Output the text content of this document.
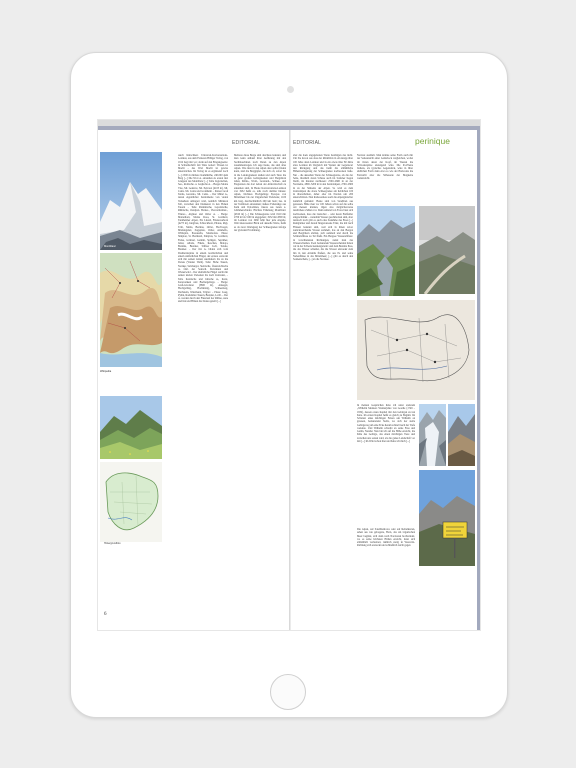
EDITORIAL
Montblanc
Wikipedia
Hintergrundfoto
Auch Kürschners Universal-Konversations-Lexikon, aus dem Ferneren Hilliger Verlag, von 1912 liegt mir vor; darin auf den Eingangsseite: in Schreibschrift mit Tinte notiert: Wissen ist Macht – das Wort Macht ist gewiss unterstrichen. Im Verlag ist es ergänzend noch [...] 2500 m mittlere Kammhöhe, 240.000 qkm Berg [...] Die Wort A. entstehen zu ersten mal Gruppen des Montblanc [...] Teile Ligurischen, See-, Rottische- u. Grajische A. – Berges Monte Viso, Mt. Genèvre, Mt. Pelvoux (4103 m), Mt. Cenis. Mt. Cenis und Großheim – Penser Groß Tenda, Gevenno, Mt. Cenis. – Der Mittel A., denen eigentlicher Zentralkette von vielen Verkehren umlagert wird, nemlich Mittleren Teil, zwischen den Dreikeren in den Hohen Tauern – Teile Penninische, Lepontische, Rhätische, Ostalpen. Berner-, Vierwaldstätter-, Thurer-, Algäuer und Ortler A. – Berge: Matterhorn, Monte Rosa, St. Gotthard, Tannheimer Alpen, Piz Linard, Finsteraarhorn (4275 m), Jungfrau, Schreckhorn, Pilatus, Rigi, Tödi, Säntis, Bernina, Ortler, Hochvogel, Mädelegabel, Zugspitze, Ortler, Adamello, Wildspitz, Presanella, Marmolata. Pässe: Simplon, St. Bernhard, Simplon, St. Gotthard, Furka, Grimsel, Gemmi, Splügen, Septimer, Julier, Albula, Flüela, Reschen, Maloja, Bernina, Brenner, Stilfser Joch, Tonale, Brenner. – Der Ost A. bilden sich vom Dreiherrnspitze in einem nordöstlichen und einem südöstlichen Flügel, der erstere erstreckt sich mit seinen letzten Ausläufern bis an die Donau (Wiener Wald). Teile: Hohe Tauern, Noriker, Salzburger, Steirische, Österreichische A. Östl. der Salzach. Dolomiten und Wienerwald – Der südöstliche Flügel reicht mit seinen letzten Vorketten bis nach Zentralen, – Teile Karnische und Julische A., Karst, Karawanken und Bachergebirge. – Berge: Groß-Glockner (3800 m), Ankogel, Hochgolling, Hochkönig, Schneeberg, Dachstein, Watzmann, Triglav. – Pässe: Lueg, Pyhrn, Radstädter Tauern, Brenner, Loibl. – Der A. werden durch den Flusslauf der Rhône, Aare und Inn und Höhen die Donau geteilt [...]
Mehrere diese Berge sind durchaus bekannt, und man kann anhand ihrer Auflistung mit den Suchmaschinen noch Daten zu den Alpen zusammentragen. Ich sage heute, das sind alles Alpen. Was man in den Alpen aber selbst finden kann, sind die Berggipfel, die sich oft, sofort bis in die Landesgrenzen ziehen und auch Tiere die in ganz großen Gebirgsketten und Bergtälern leben, Klima-, Wald-, Grasland-, Schnee- und Eisgrenzen die dort neben der Almwirtschaft zu erkunden sind. In Heute Konversations-Lexikon von 1932 heißt es, teils noch darüber hinaus: Alpen, höchstes Hochgebirge Europas von Mittelmeer bis zur Ungarischen Tiefebene; 1100 km lang, durchschnittlich 200 km breit; bes. in der Tertiärzeit entstanden; äußere Faltenzüge aus Kalk und Dolomiten, innere aus Gneis u. Glimmerschiefer. Höchste Erhebung Montblanc (4810 m) [...] Die Schneegrenze wird 1910 mit 2700 m bis 3100 m angegeben; 1932 mit 2800 m; im Lexikon von 1960 fehlt hier jede Angabe. Weit interessanter Blick auf aktuelle Werte, heißt es da zwar: Rückgang der Schneegrenze infolge der globalen Erwärmung.
6
EDITORIAL	perinique
aber die dazu angegebenen Werte bestätigen das nicht. Um Sie davon aus dass der Rückblick in ein knapp über 100 Jahre alten Lexikon und in ein etwas über 80 Jahre altes Lexikon im Vergleich mit Werten der Gegenwart den Rückgang und das heißt die allmähliche Höhenverlagerung der Schneegrenze nachweisen ließe. Nur – die aktuellen Werte der Schneegrenze, als die der Seite, überhalb deren Schnee auch im Sommer liegen bleibt, im Internet nachlesen: 2500–2600 m an der Nordseite, 2800–3200 m in den Zentralalpen, 2700–2800 m an der Südseite der Alpen. So wird es dem Zentralalpen die obere Schneegrenze am lieblichen 100 m überschritten, daher aber im Norden um 200 unterschritten. Nun Insbesondere auch die Alpengletscher natürlich geändert: Heute sind von Satelliten aus genessen. Hätte man vor 100 Jahren schon auf die selbe Art messen können, lägen also möglicherweise deutlichere Zahlen vor. Denn anhand von Fotos lässt sich nachweisen, dass die Gletscher – oder deren Endfelder eingeschränkt – weiterhin Wasser geschmolzen sind, aber dennoch noch gibt es auch eine Zunahme des Eises [...] Reingärtner und darauf hingewiesene Täler, die mit nach Flüssen benannt sind, weil sich in ihnen zuvor zurückweichende Wasser sammelt, das an den Bergen und Bergtälern abrinnt, sich sammelt und durch die Schmelzflüsse zu Tal fließt. Ein Bergsee Wasserabfluss: in verschiedenen Richtungen, nennt man das Wasserscheiden. Zwei bedeutende Wasserscheiden haben wir in der Schweiz kennengelernt: Auf dem Bernina Pass, die das Wasser scheidet, die die Wasser entweder zum Inn in den Atlantik fließen, die aus Po und seine Nebenflüsse in das Mittelmeer; [...] gibt es durch den Sonnenschein, [...] an die Nordsee.
Nordost ausläuft. Man könnte seine Form auch mit der Seiteansicht einer Gamsbock vergleichen, wobei im Osten deren der Kopf, im Westen die Schwanzspitze ansteigend wäre. Die Po-Ebene Italiens, als typisches Gegenstück, wäre in Ihrer südlichen Form dann etwa so wie der Horizonte die Fernsicht aber die Silhouette der Bergkette weiterreicht.
In meinen Gesprächen habe ich unter anderem „Wilhelm Meisters Wanderjahre von Goethe (1749 – 1832), dessen erstes Kapitel mit den Gebirgen zu tun hatte. Im ersten Kapitel heißt es gleich zu Beginn: Im Schatten eines mächtigen Felsen saß Wilhelm an grausen, bedeutender Stelle, wo sich der steile Gebirgsweg um eine Ecke herum schnell nach der Tiefe wendete. Und Wilhelm schreibt an seine Frau und Gattin, Natalie: Nun bin ich auf die Höhe erreicht, die höhe des Gebirgs, das einen mächtigen Tiere und zwischen uns setzen wird, als die ganze Landschaft vor mir [...] Im Wald schon hier und habe ich mich [...]
Die Alpen, auf Satellitenfotos oder auf Reliefkarten, sehen aus wie gebogene, Horn, das am Ligurischen Meer beginnt, sich dann nach Nordosten hochwindet, wo es seine höchsten Höhen erreicht, dann sich allmählich verbreitert, nämlich stetig in West-Ost-Richtung sich erstreckt und schließlich leicht gegen
